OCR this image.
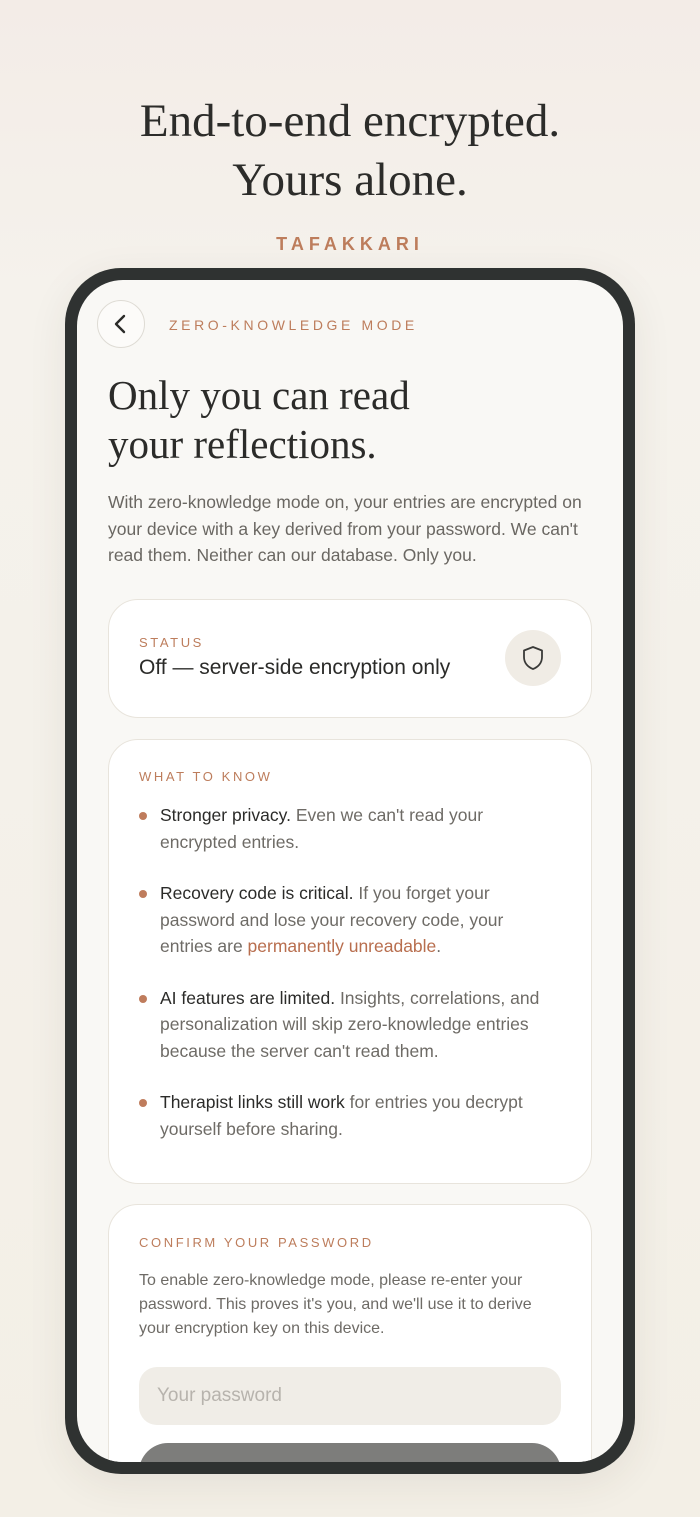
End-to-end encrypted.
Yours alone.
TAFAKKARI
ZERO-KNOWLEDGE MODE
Only you can read
your reflections.

With zero-knowledge mode on, your entries are encrypted on your device with a key derived from your password. We can't read them. Neither can our database. Only you.

STATUS

Off — server-side encryption only

WHAT TO KNOW

Stronger privacy. Even we can't read your encrypted entries.
Recovery code is critical. If you forget your password and lose your recovery code, your entries are permanently unreadable.
AI features are limited. Insights, correlations, and personalization will skip zero-knowledge entries because the server can't read them.
Therapist links still work for entries you decrypt yourself before sharing.

CONFIRM YOUR PASSWORD

To enable zero-knowledge mode, please re-enter your password. This proves it's you, and we'll use it to derive your encryption key on this device.
